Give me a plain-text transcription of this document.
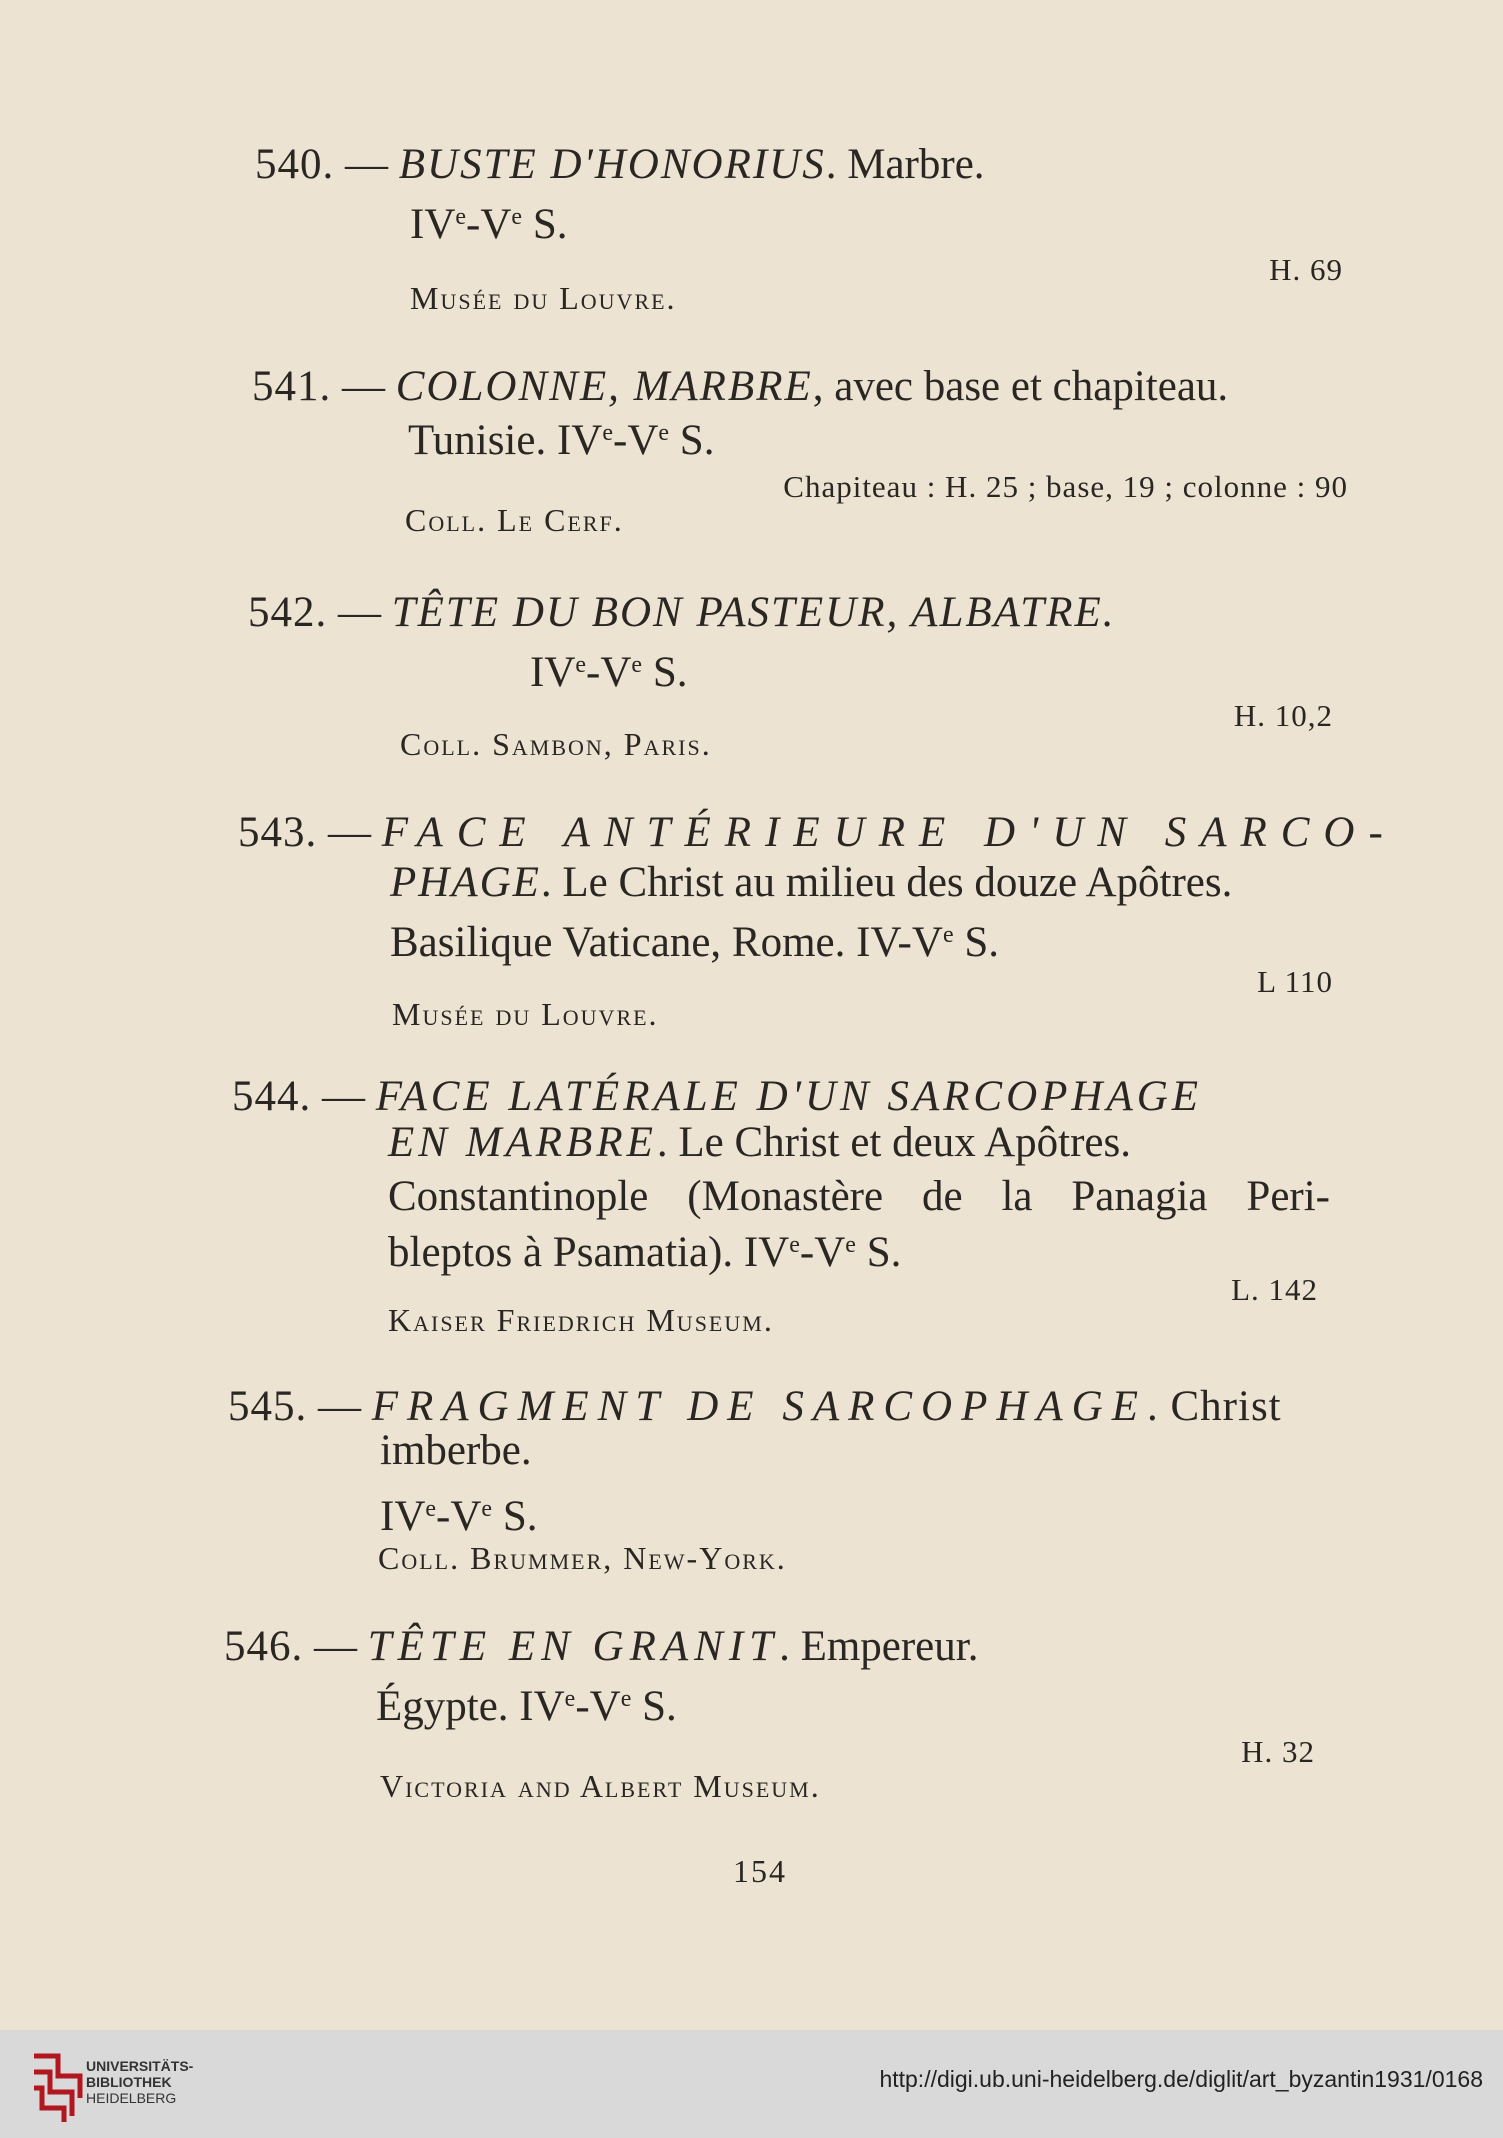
540. — BUSTE D'HONORIUS. Marbre.
IVe-Ve S.
H. 69
Musée du Louvre.
541. — COLONNE, MARBRE, avec base et chapiteau.
Tunisie. IVe-Ve S.
Chapiteau : H. 25 ; base, 19 ; colonne : 90
Coll. Le Cerf.
542. — TÊTE DU BON PASTEUR, ALBATRE.
IVe-Ve S.
H. 10,2
Coll. Sambon, Paris.
543. — FACE ANTÉRIEURE D'UN SARCO-
PHAGE. Le Christ au milieu des douze Apôtres.
Basilique Vaticane, Rome. IV-Ve S.
L 110
Musée du Louvre.
544. — FACE LATÉRALE D'UN SARCOPHAGE
EN MARBRE. Le Christ et deux Apôtres.
Constantinople (Monastère de la Panagia Peri-
bleptos à Psamatia). IVe-Ve S.
L. 142
Kaiser Friedrich Museum.
545. — FRAGMENT DE SARCOPHAGE. Christ
imberbe.
IVe-Ve S.
Coll. Brummer, New-York.
546. — TÊTE EN GRANIT. Empereur.
Égypte. IVe-Ve S.
H. 32
Victoria and Albert Museum.
154
UNIVERSITÄTS-
BIBLIOTHEK
HEIDELBERG
http://digi.ub.uni-heidelberg.de/diglit/art_byzantin1931/0168
